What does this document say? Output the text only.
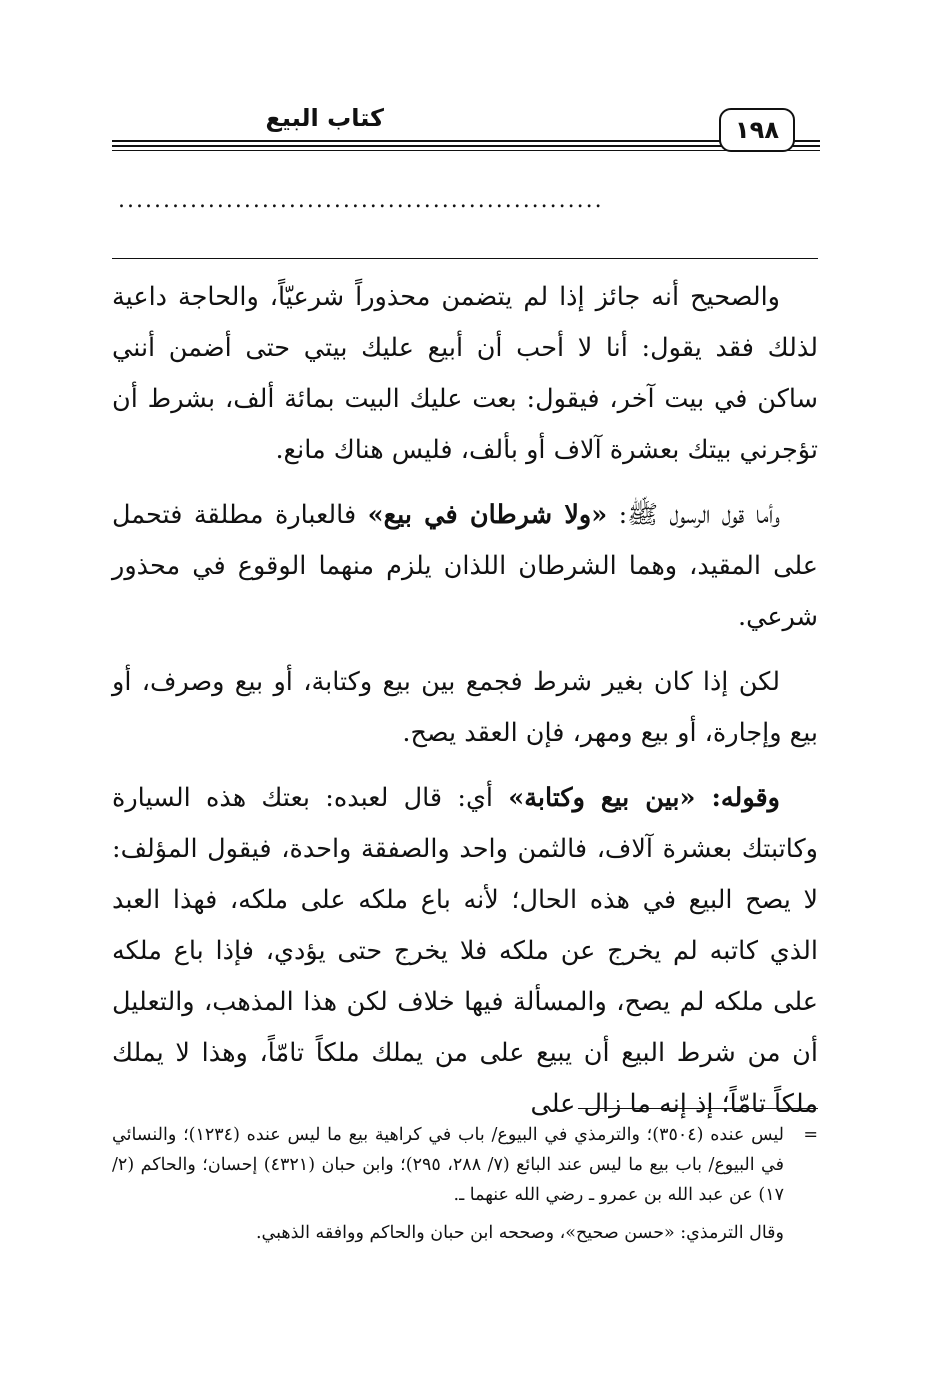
كتاب البيع	١٩٨
......................................................

والصحيح أنه جائز إذا لم يتضمن محذوراً شرعيّاً، والحاجة داعية لذلك فقد يقول: أنا لا أحب أن أبيع عليك بيتي حتى أضمن أنني ساكن في بيت آخر، فيقول: بعت عليك البيت بمائة ألف، بشرط أن تؤجرني بيتك بعشرة آلاف أو بألف، فليس هناك مانع.

وأما قول الرسول ﷺ: «ولا شرطان في بيع» فالعبارة مطلقة فتحمل على المقيد، وهما الشرطان اللذان يلزم منهما الوقوع في محذور شرعي.

لكن إذا كان بغير شرط فجمع بين بيع وكتابة، أو بيع وصرف، أو بيع وإجارة، أو بيع ومهر، فإن العقد يصح.

وقوله: «بين بيع وكتابة» أي: قال لعبده: بعتك هذه السيارة وكاتبتك بعشرة آلاف، فالثمن واحد والصفقة واحدة، فيقول المؤلف: لا يصح البيع في هذه الحال؛ لأنه باع ملكه على ملكه، فهذا العبد الذي كاتبه لم يخرج عن ملكه فلا يخرج حتى يؤدي، فإذا باع ملكه على ملكه لم يصح، والمسألة فيها خلاف لكن هذا المذهب، والتعليل أن من شرط البيع أن يبيع على من يملك ملكاً تامّاً، وهذا لا يملك ملكاً تامّاً؛ إذ إنه ما زال على

=
ليس عنده (٣٥٠٤)؛ والترمذي في البيوع/ باب في كراهية بيع ما ليس عنده (١٢٣٤)؛ والنسائي في البيوع/ باب بيع ما ليس عند البائع (٧/ ٢٨٨، ٢٩٥)؛ وابن حبان (٤٣٢١) إحسان؛ والحاكم (٢/ ١٧) عن عبد الله بن عمرو ـ رضي الله عنهما ـ.

وقال الترمذي: «حسن صحيح»، وصححه ابن حبان والحاكم ووافقه الذهبي.
